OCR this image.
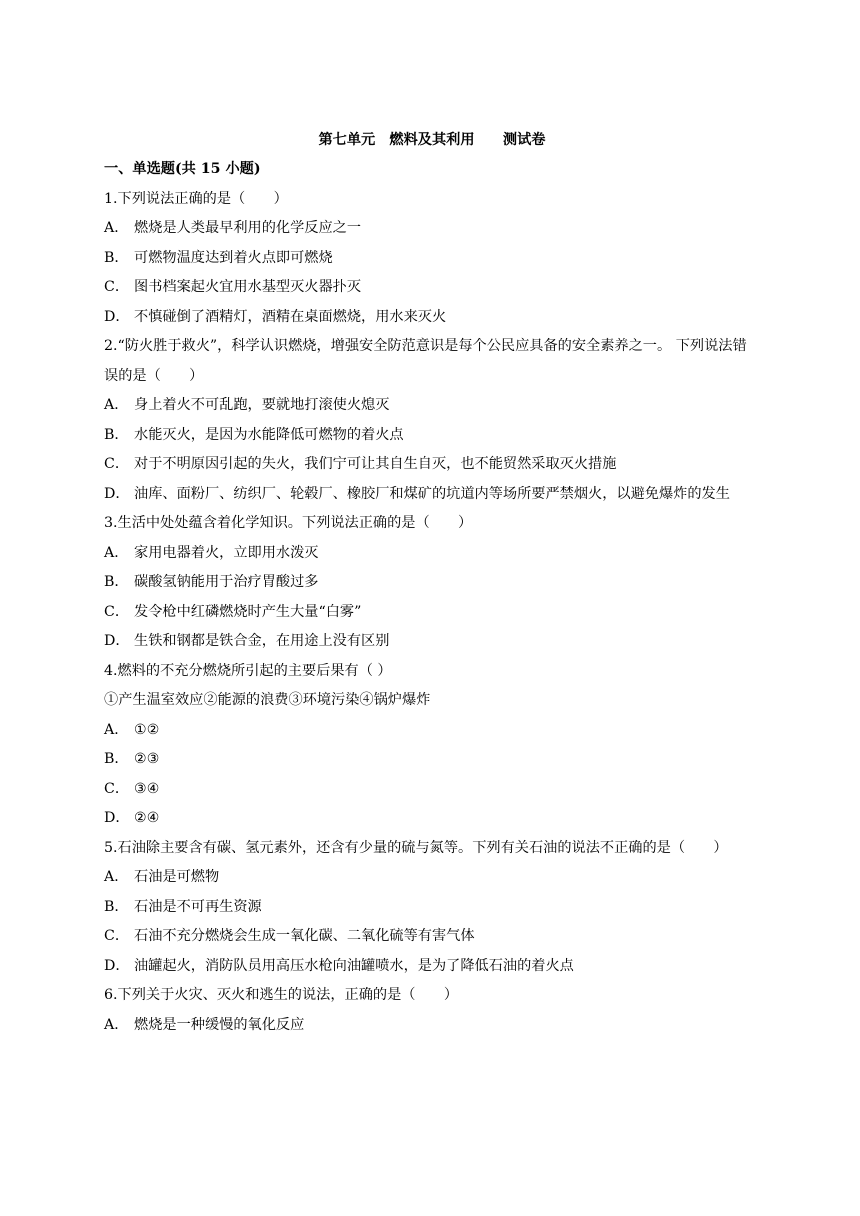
第七单元　燃料及其利用　　测试卷
一、单选题(共 15 小题)
1.下列说法正确的是（　　）
A． 燃烧是人类最早利用的化学反应之一
B． 可燃物温度达到着火点即可燃烧
C． 图书档案起火宜用水基型灭火器扑灭
D． 不慎碰倒了酒精灯，酒精在桌面燃烧，用水来灭火
2.“防火胜于救火”，科学认识燃烧，增强安全防范意识是每个公民应具备的安全素养之一。 下列说法错误的是（　　）
A． 身上着火不可乱跑，要就地打滚使火熄灭
B． 水能灭火，是因为水能降低可燃物的着火点
C． 对于不明原因引起的失火，我们宁可让其自生自灭，也不能贸然采取灭火措施
D． 油库、面粉厂、纺织厂、轮毂厂、橡胶厂和煤矿的坑道内等场所要严禁烟火，以避免爆炸的发生
3.生活中处处蕴含着化学知识。下列说法正确的是（　　）
A． 家用电器着火，立即用水泼灭
B． 碳酸氢钠能用于治疗胃酸过多
C． 发令枪中红磷燃烧时产生大量“白雾”
D． 生铁和钢都是铁合金，在用途上没有区别
4.燃料的不充分燃烧所引起的主要后果有（ ）
①产生温室效应②能源的浪费③环境污染④锅炉爆炸
A． ①②
B． ②③
C． ③④
D． ②④
5.石油除主要含有碳、氢元素外，还含有少量的硫与氮等。下列有关石油的说法不正确的是（　　）
A． 石油是可燃物
B． 石油是不可再生资源
C． 石油不充分燃烧会生成一氧化碳、二氧化硫等有害气体
D． 油罐起火，消防队员用高压水枪向油罐喷水，是为了降低石油的着火点
6.下列关于火灾、灭火和逃生的说法，正确的是（　　）
A． 燃烧是一种缓慢的氧化反应
